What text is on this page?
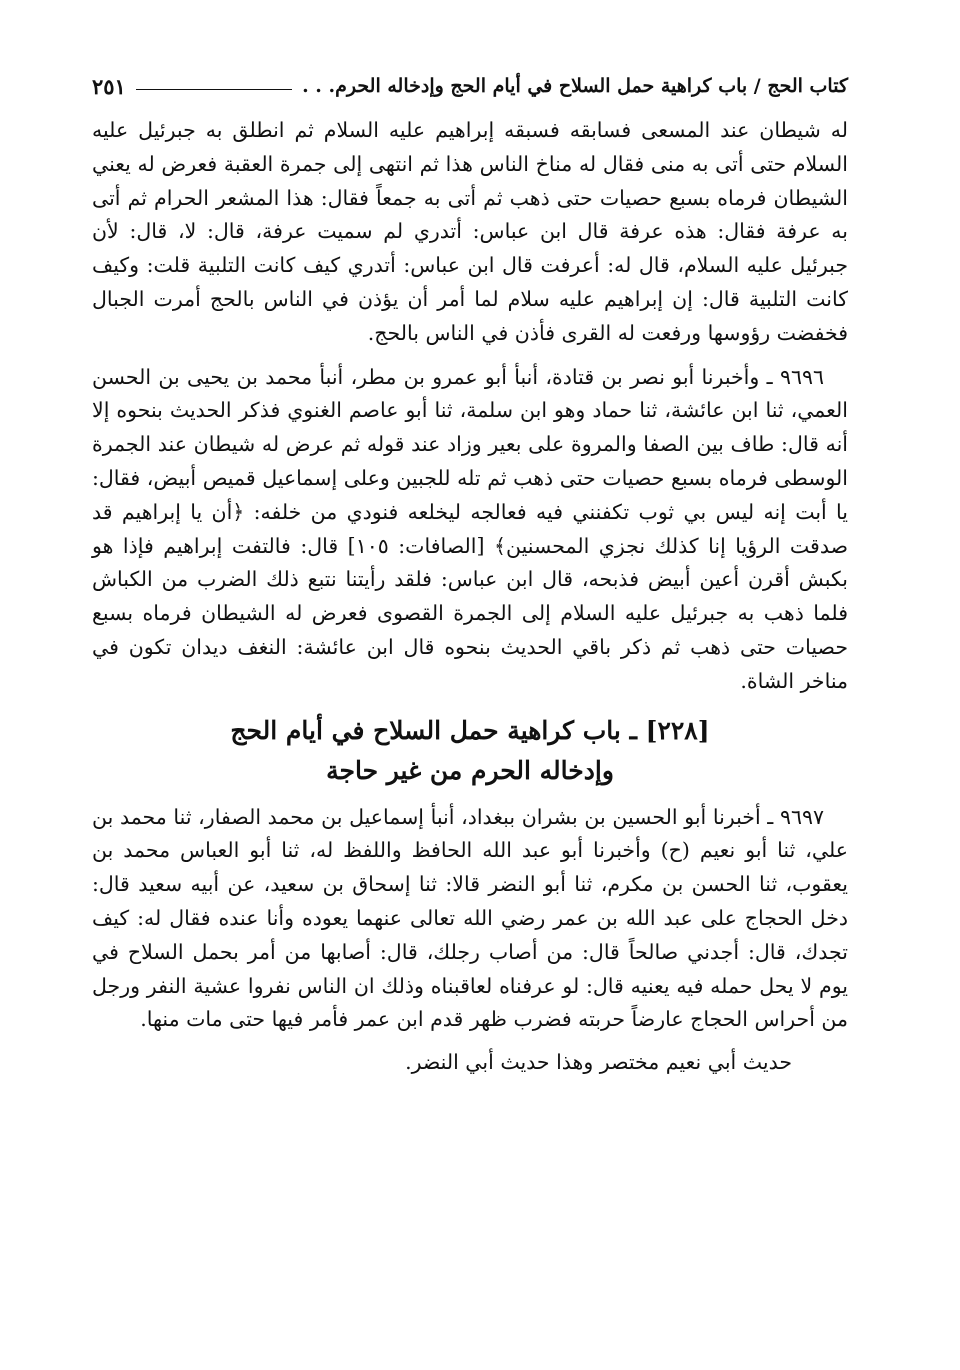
كتاب الحج / باب كراهية حمل السلاح في أيام الحج وإدخاله الحرم. . .
٢٥١

له شيطان عند المسعى فسابقه فسبقه إبراهيم عليه السلام ثم انطلق به جبرئيل عليه السلام حتى أتى به منى فقال له مناخ الناس هذا ثم انتهى إلى جمرة العقبة فعرض له يعني الشيطان فرماه بسبع حصيات حتى ذهب ثم أتى به جمعاً فقال: هذا المشعر الحرام ثم أتى به عرفة فقال: هذه عرفة قال ابن عباس: أتدري لم سميت عرفة، قال: لا، قال: لأن جبرئيل عليه السلام، قال له: أعرفت قال ابن عباس: أتدري كيف كانت التلبية قلت: وكيف كانت التلبية قال: إن إبراهيم عليه سلام لما أمر أن يؤذن في الناس بالحج أمرت الجبال فخفضت رؤوسها ورفعت له القرى فأذن في الناس بالحج.

٩٦٩٦ ـ وأخبرنا أبو نصر بن قتادة، أنبأ أبو عمرو بن مطر، أنبأ محمد بن يحيى بن الحسن العمي، ثنا ابن عائشة، ثنا حماد وهو ابن سلمة، ثنا أبو عاصم الغنوي فذكر الحديث بنحوه إلا أنه قال: طاف بين الصفا والمروة على بعير وزاد عند قوله ثم عرض له شيطان عند الجمرة الوسطى فرماه بسبع حصيات حتى ذهب ثم تله للجبين وعلى إسماعيل قميص أبيض، فقال: يا أبت إنه ليس بي ثوب تكفنني فيه فعالجه ليخلعه فنودي من خلفه: ﴿أن يا إبراهيم قد صدقت الرؤيا إنا كذلك نجزي المحسنين﴾ [الصافات: ١٠٥] قال: فالتفت إبراهيم فإذا هو بكبش أقرن أعين أبيض فذبحه، قال ابن عباس: فلقد رأيتنا نتبع ذلك الضرب من الكباش فلما ذهب به جبرئيل عليه السلام إلى الجمرة القصوى فعرض له الشيطان فرماه بسبع حصيات حتى ذهب ثم ذكر باقي الحديث بنحوه قال ابن عائشة: النغف ديدان تكون في مناخر الشاة.

[٢٢٨] ـ باب كراهية حمل السلاح في أيام الحج
وإدخاله الحرم من غير حاجة

٩٦٩٧ ـ أخبرنا أبو الحسين بن بشران ببغداد، أنبأ إسماعيل بن محمد الصفار، ثنا محمد بن علي، ثنا أبو نعيم (ح) وأخبرنا أبو عبد الله الحافظ واللفظ له، ثنا أبو العباس محمد بن يعقوب، ثنا الحسن بن مكرم، ثنا أبو النضر قالا: ثنا إسحاق بن سعيد، عن أبيه سعيد قال: دخل الحجاج على عبد الله بن عمر رضي الله تعالى عنهما يعوده وأنا عنده فقال له: كيف تجدك، قال: أجدني صالحاً قال: من أصاب رجلك، قال: أصابها من أمر بحمل السلاح في يوم لا يحل حمله فيه يعنيه قال: لو عرفناه لعاقبناه وذلك ان الناس نفروا عشية النفر ورجل من أحراس الحجاج عارضاً حربته فضرب ظهر قدم ابن عمر فأمر فيها حتى مات منها.

حديث أبي نعيم مختصر وهذا حديث أبي النضر.
